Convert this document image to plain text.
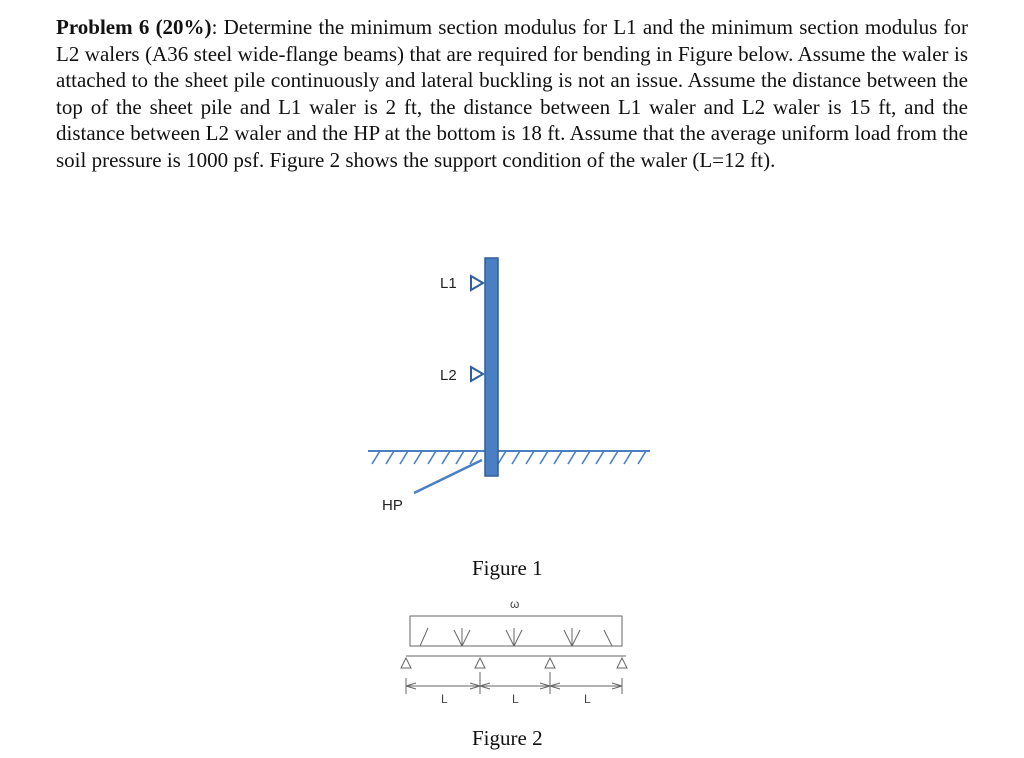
Problem 6 (20%): Determine the minimum section modulus for L1 and the minimum section modulus for L2 walers (A36 steel wide-flange beams) that are required for bending in Figure below. Assume the waler is attached to the sheet pile continuously and lateral buckling is not an issue. Assume the distance between the top of the sheet pile and L1 waler is 2 ft, the distance between L1 waler and L2 waler is 15 ft, and the distance between L2 waler and the HP at the bottom is 18 ft. Assume that the average uniform load from the soil pressure is 1000 psf. Figure 2 shows the support condition of the waler (L=12 ft).

L1
L2
HP
Figure 1
ω
L	L	L
Figure 2
